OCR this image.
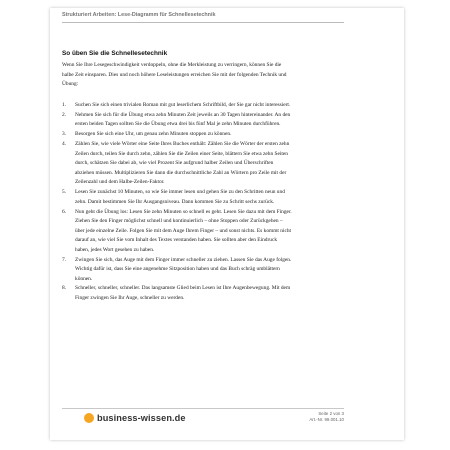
Strukturiert Arbeiten: Lese-Diagramm für Schnellesetechnik
So üben Sie die Schnellesetechnik

Wenn Sie Ihre Lesegeschwindigkeit verdoppeln, ohne die Merkleistung zu verringern, können Sie die halbe Zeit einsparen. Dies und noch höhere Leseleistungen erreichen Sie mit der folgenden Technik und Übung:

1. Suchen Sie sich einen trivialen Roman mit gut leserlichem Schriftbild, der Sie gar nicht interessiert.
2. Nehmen Sie sich für die Übung etwa zehn Minuten Zeit jeweils an 30 Tagen hintereinander. An den ersten beiden Tagen sollten Sie die Übung etwa drei bis fünf Mal je zehn Minuten durchführen.
3. Besorgen Sie sich eine Uhr, um genau zehn Minuten stoppen zu können.
4. Zählen Sie, wie viele Wörter eine Seite Ihres Buches enthält: Zählen Sie die Wörter der ersten zehn Zeilen durch, teilen Sie durch zehn, zählen Sie die Zeilen einer Seite, blättern Sie etwa zehn Seiten durch, schätzen Sie dabei ab, wie viel Prozent Sie aufgrund halber Zeilen und Überschriften abziehen müssen. Multiplizieren Sie dann die durchschnittliche Zahl an Wörtern pro Zeile mit der Zeilenzahl und dem Halbe-Zeilen-Faktor.
5. Lesen Sie zunächst 10 Minuten, so wie Sie immer lesen und gehen Sie zu den Schritten neun und zehn. Damit bestimmen Sie Ihr Ausgangsniveau. Dann kommen Sie zu Schritt sechs zurück.
6. Nun geht die Übung los: Lesen Sie zehn Minuten so schnell es geht. Lesen Sie dazu mit dem Finger. Ziehen Sie den Finger möglichst schnell und kontinuierlich – ohne Stoppen oder Zurückgehen – über jede einzelne Zeile. Folgen Sie mit dem Auge Ihrem Finger – und sonst nichts. Es kommt nicht darauf an, wie viel Sie vom Inhalt des Textes verstanden haben. Sie sollten aber den Eindruck haben, jedes Wort gesehen zu haben.
7. Zwingen Sie sich, das Auge mit dem Finger immer schneller zu ziehen. Lassen Sie das Auge folgen. Wichtig dafür ist, dass Sie eine angenehme Sitzposition haben und das Buch schräg umblättern können.
8. Schneller, schneller, schneller. Das langsamste Glied beim Lesen ist Ihre Augenbewegung. Mit dem Finger zwingen Sie Ihr Auge, schneller zu werden.
business-wissen.de	Seite 2 von 3
Art.-Nr. 99.001.10
